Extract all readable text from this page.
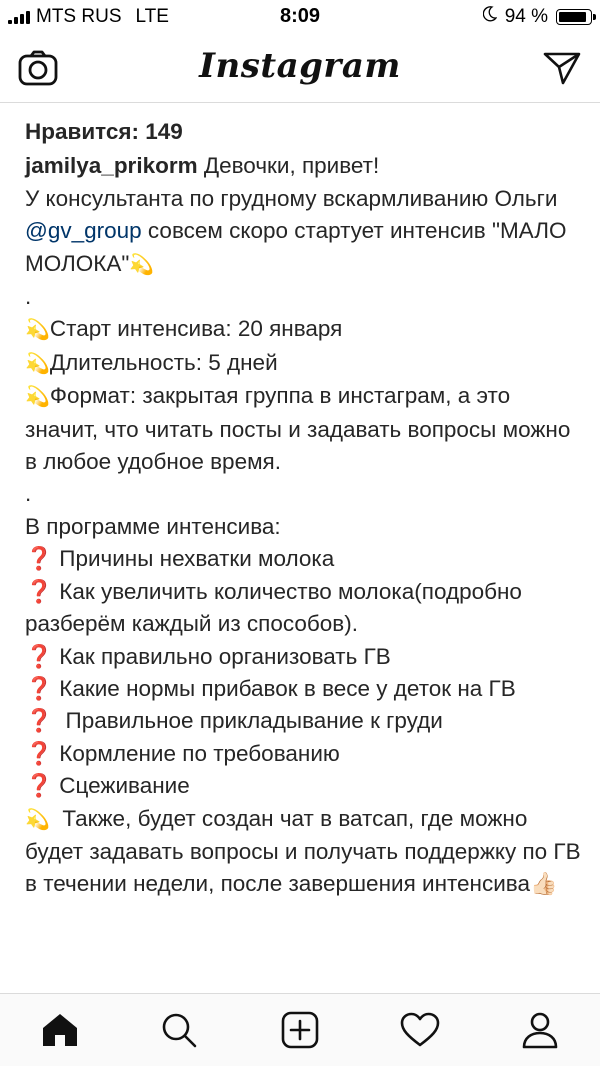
MTS RUS LTE	8:09	94 %
Instagram
Нравится: 149
jamilya_prikorm Девочки, привет!
У консультанта по грудному вскармливанию Ольги @gv_group совсем скоро стартует интенсив "МАЛО МОЛОКА"💫
.
💫Старт интенсива: 20 января
💫Длительность: 5 дней
💫Формат: закрытая группа в инстаграм, а это значит, что читать посты и задавать вопросы можно в любое удобное время.
.
В программе интенсива:
❓ Причины нехватки молока
❓ Как увеличить количество молока(подробно разберём каждый из способов).
❓ Как правильно организовать ГВ
❓ Какие нормы прибавок в весе у деток на ГВ
❓  Правильное прикладывание к груди
❓ Кормление по требованию
❓ Сцеживание
💫  Также, будет создан чат в ватсап, где можно будет задавать вопросы и получать поддержку по ГВ в течении недели, после завершения интенсива👍🏻
